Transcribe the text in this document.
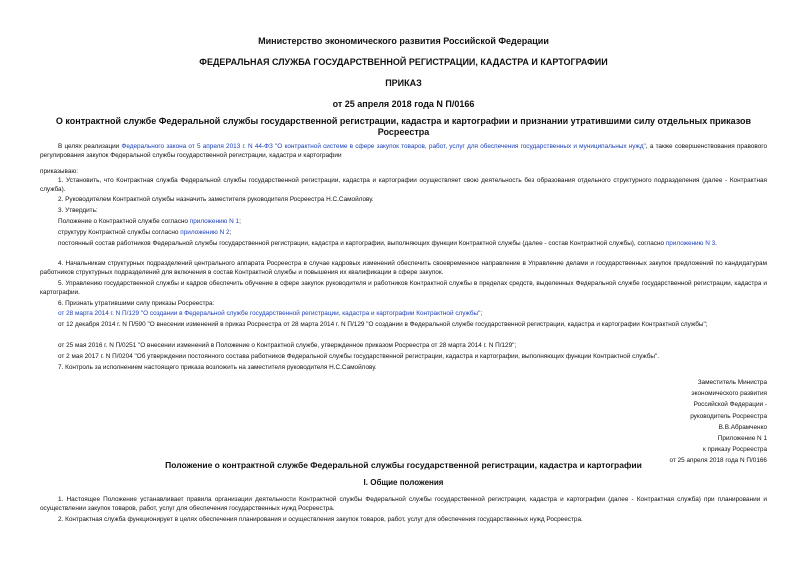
Министерство экономического развития Российской Федерации
ФЕДЕРАЛЬНАЯ СЛУЖБА ГОСУДАРСТВЕННОЙ РЕГИСТРАЦИИ, КАДАСТРА И КАРТОГРАФИИ
ПРИКАЗ
от 25 апреля 2018 года N П/0166
О контрактной службе Федеральной службы государственной регистрации, кадастра и картографии и признании утратившими силу отдельных приказов Росреестра
В целях реализации Федерального закона от 5 апреля 2013 г. N 44-ФЗ "О контрактной системе в сфере закупок товаров, работ, услуг для обеспечения государственных и муниципальных нужд", а также совершенствования правового регулирования закупок Федеральной службы государственной регистрации, кадастра и картографии
приказываю:
1. Установить, что Контрактная служба Федеральной службы государственной регистрации, кадастра и картографии осуществляет свою деятельность без образования отдельного структурного подразделения (далее - Контрактная служба).
2. Руководителем Контрактной службы назначить заместителя руководителя Росреестра Н.С.Самойлову.
3. Утвердить:
Положение о Контрактной службе согласно приложению N 1;
структуру Контрактной службы согласно приложению N 2;
постоянный состав работников Федеральной службы государственной регистрации, кадастра и картографии, выполняющих функции Контрактной службы (далее - состав Контрактной службы), согласно приложению N 3.
4. Начальникам структурных подразделений центрального аппарата Росреестра в случае кадровых изменений обеспечить своевременное направление в Управление делами и государственных закупок предложений по кандидатурам работников структурных подразделений для включения в состав Контрактной службы и повышения их квалификации в сфере закупок.
5. Управлению государственной службы и кадров обеспечить обучение в сфере закупок руководителя и работников Контрактной службы в пределах средств, выделенных Федеральной службе государственной регистрации, кадастра и картографии.
6. Признать утратившими силу приказы Росреестра:
от 28 марта 2014 г. N П/129 "О создании в Федеральной службе государственной регистрации, кадастра и картографии Контрактной службы";
от 12 декабря 2014 г. N П/590 "О внесении изменений в приказ Росреестра от 28 марта 2014 г. N П/129 "О создании в Федеральной службе государственной регистрации, кадастра и картографии Контрактной службы";
от 25 мая 2016 г. N П/0251 "О внесении изменений в Положение о Контрактной службе, утвержденное приказом Росреестра от 28 марта 2014 г. N П/129";
от 2 мая 2017 г. N П/0204 "Об утверждении постоянного состава работников Федеральной службы государственной регистрации, кадастра и картографии, выполняющих функции Контрактной службы".
7. Контроль за исполнением настоящего приказа возложить на заместителя руководителя Н.С.Самойлову.
Заместитель Министра
экономического развития
Российской Федерации -
руководитель Росреестра
В.В.Абрамченко
Приложение N 1
к приказу Росреестра
от 25 апреля 2018 года N П/0166
Положение о контрактной службе Федеральной службы государственной регистрации, кадастра и картографии
I. Общие положения
1. Настоящее Положение устанавливает правила организации деятельности Контрактной службы Федеральной службы государственной регистрации, кадастра и картографии (далее - Контрактная служба) при планировании и осуществлении закупок товаров, работ, услуг для обеспечения государственных нужд Росреестра.
2. Контрактная служба функционирует в целях обеспечения планирования и осуществления закупок товаров, работ, услуг для обеспечения государственных нужд Росреестра.
